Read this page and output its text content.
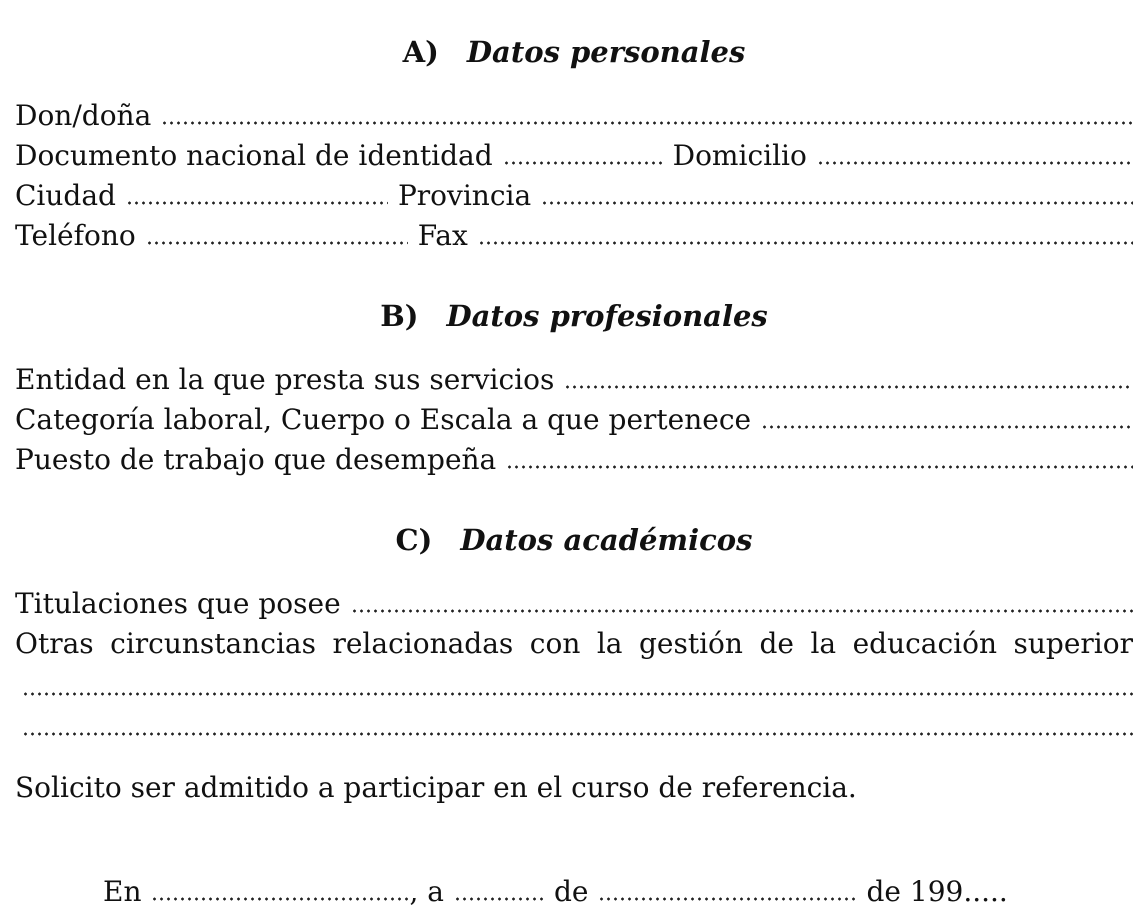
A) Datos personales
Don/doña
Documento nacional de identidad	Domicilio
Ciudad	Provincia
Teléfono	Fax
B) Datos profesionales
Entidad en la que presta sus servicios
Categoría laboral, Cuerpo o Escala a que pertenece
Puesto de trabajo que desempeña
C) Datos académicos
Titulaciones que posee
Otras circunstancias relacionadas con la gestión de la educación superior
Solicito ser admitido a participar en el curso de referencia.
En	, a	de	de 199 .....
